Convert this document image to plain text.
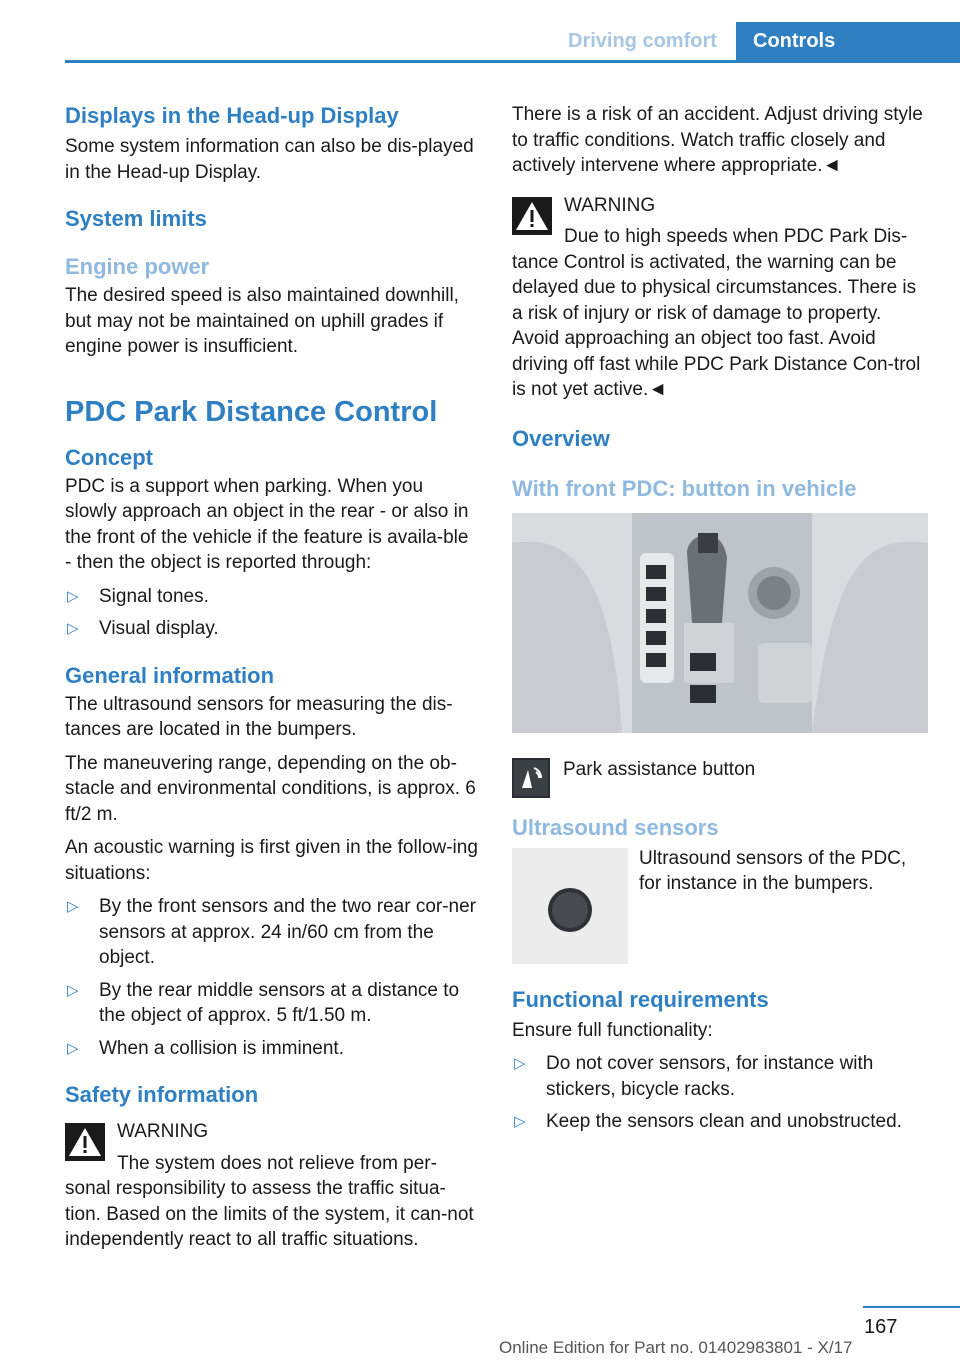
Driving comfort	Controls
Displays in the Head-up Display

Some system information can also be dis-played in the Head-up Display.

System limits
Engine power

The desired speed is also maintained downhill, but may not be maintained on uphill grades if engine power is insufficient.

PDC Park Distance Control
Concept

PDC is a support when parking. When you slowly approach an object in the rear - or also in the front of the vehicle if the feature is availa-ble - then the object is reported through:

▷ Signal tones.
▷ Visual display.
General information

The ultrasound sensors for measuring the dis-tances are located in the bumpers.

The maneuvering range, depending on the ob-stacle and environmental conditions, is approx. 6 ft/2 m.

An acoustic warning is first given in the follow-ing situations:

▷ By the front sensors and the two rear cor-ner sensors at approx. 24 in/60 cm from the object.
▷ By the rear middle sensors at a distance to the object of approx. 5 ft/1.50 m.
▷ When a collision is imminent.
Safety information
WARNING

The system does not relieve from per-sonal responsibility to assess the traffic situa-tion. Based on the limits of the system, it can-not independently react to all traffic situations.

There is a risk of an accident. Adjust driving style to traffic conditions. Watch traffic closely and actively intervene where appropriate.◄

WARNING

Due to high speeds when PDC Park Dis-tance Control is activated, the warning can be delayed due to physical circumstances. There is a risk of injury or risk of damage to property. Avoid approaching an object too fast. Avoid driving off fast while PDC Park Distance Con-trol is not yet active.◄

Overview
With front PDC: button in vehicle
Park assistance button
Ultrasound sensors
Ultrasound sensors of the PDC, for instance in the bumpers.
Functional requirements

Ensure full functionality:

▷ Do not cover sensors, for instance with stickers, bicycle racks.
▷ Keep the sensors clean and unobstructed.
167
Online Edition for Part no. 01402983801 - X/17
